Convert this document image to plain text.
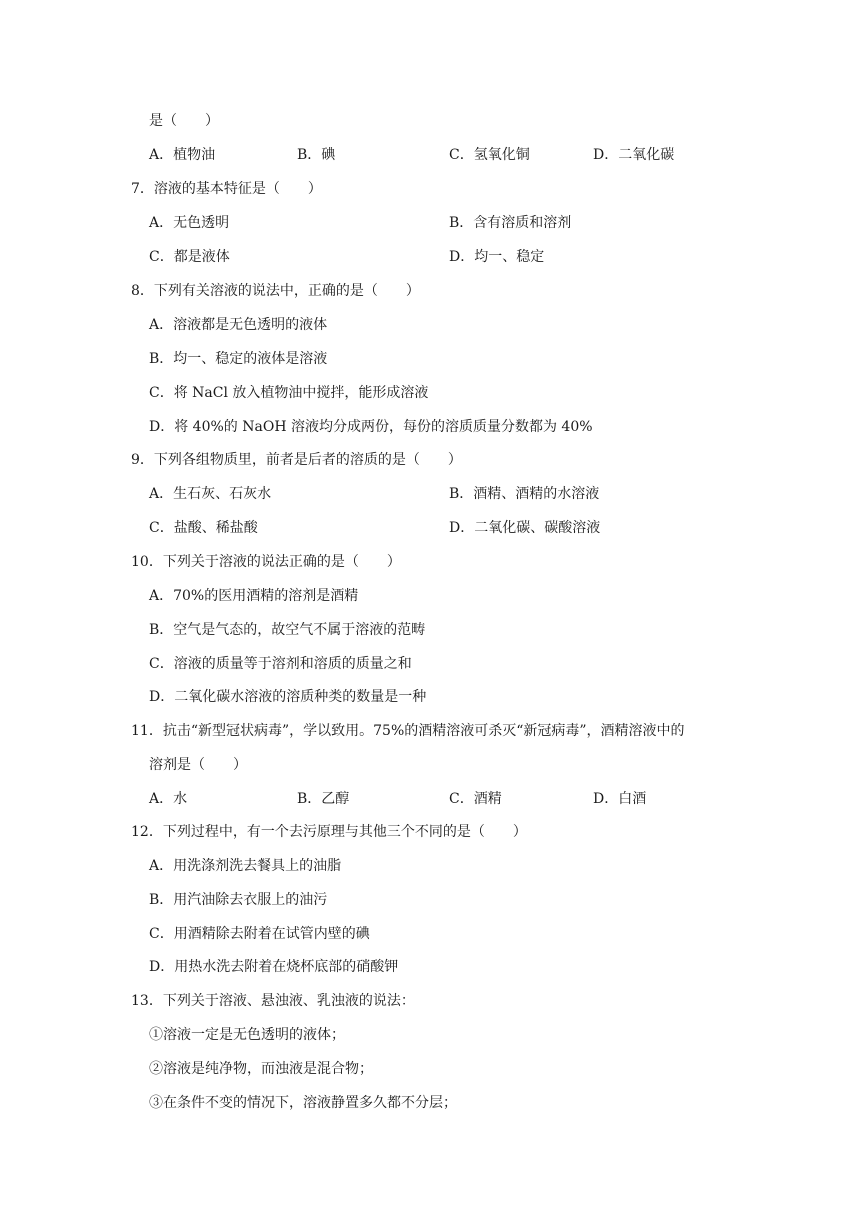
是（　　）
A．植物油	B．碘	C．氢氧化铜	D．二氧化碳
7．溶液的基本特征是（　　）
A．无色透明	B．含有溶质和溶剂
C．都是液体	D．均一、稳定
8．下列有关溶液的说法中，正确的是（　　）
A．溶液都是无色透明的液体
B．均一、稳定的液体是溶液
C．将 NaCl 放入植物油中搅拌，能形成溶液
D．将 40%的 NaOH 溶液均分成两份，每份的溶质质量分数都为 40%
9．下列各组物质里，前者是后者的溶质的是（　　）
A．生石灰、石灰水	B．酒精、酒精的水溶液
C．盐酸、稀盐酸	D．二氧化碳、碳酸溶液
10．下列关于溶液的说法正确的是（　　）
A．70%的医用酒精的溶剂是酒精
B．空气是气态的，故空气不属于溶液的范畴
C．溶液的质量等于溶剂和溶质的质量之和
D．二氧化碳水溶液的溶质种类的数量是一种
11．抗击“新型冠状病毒”，学以致用。75%的酒精溶液可杀灭“新冠病毒”，酒精溶液中的
溶剂是（　　）
A．水	B．乙醇	C．酒精	D．白酒
12．下列过程中，有一个去污原理与其他三个不同的是（　　）
A．用洗涤剂洗去餐具上的油脂
B．用汽油除去衣服上的油污
C．用酒精除去附着在试管内壁的碘
D．用热水洗去附着在烧杯底部的硝酸钾
13．下列关于溶液、悬浊液、乳浊液的说法：
①溶液一定是无色透明的液体；
②溶液是纯净物，而浊液是混合物；
③在条件不变的情况下，溶液静置多久都不分层；
